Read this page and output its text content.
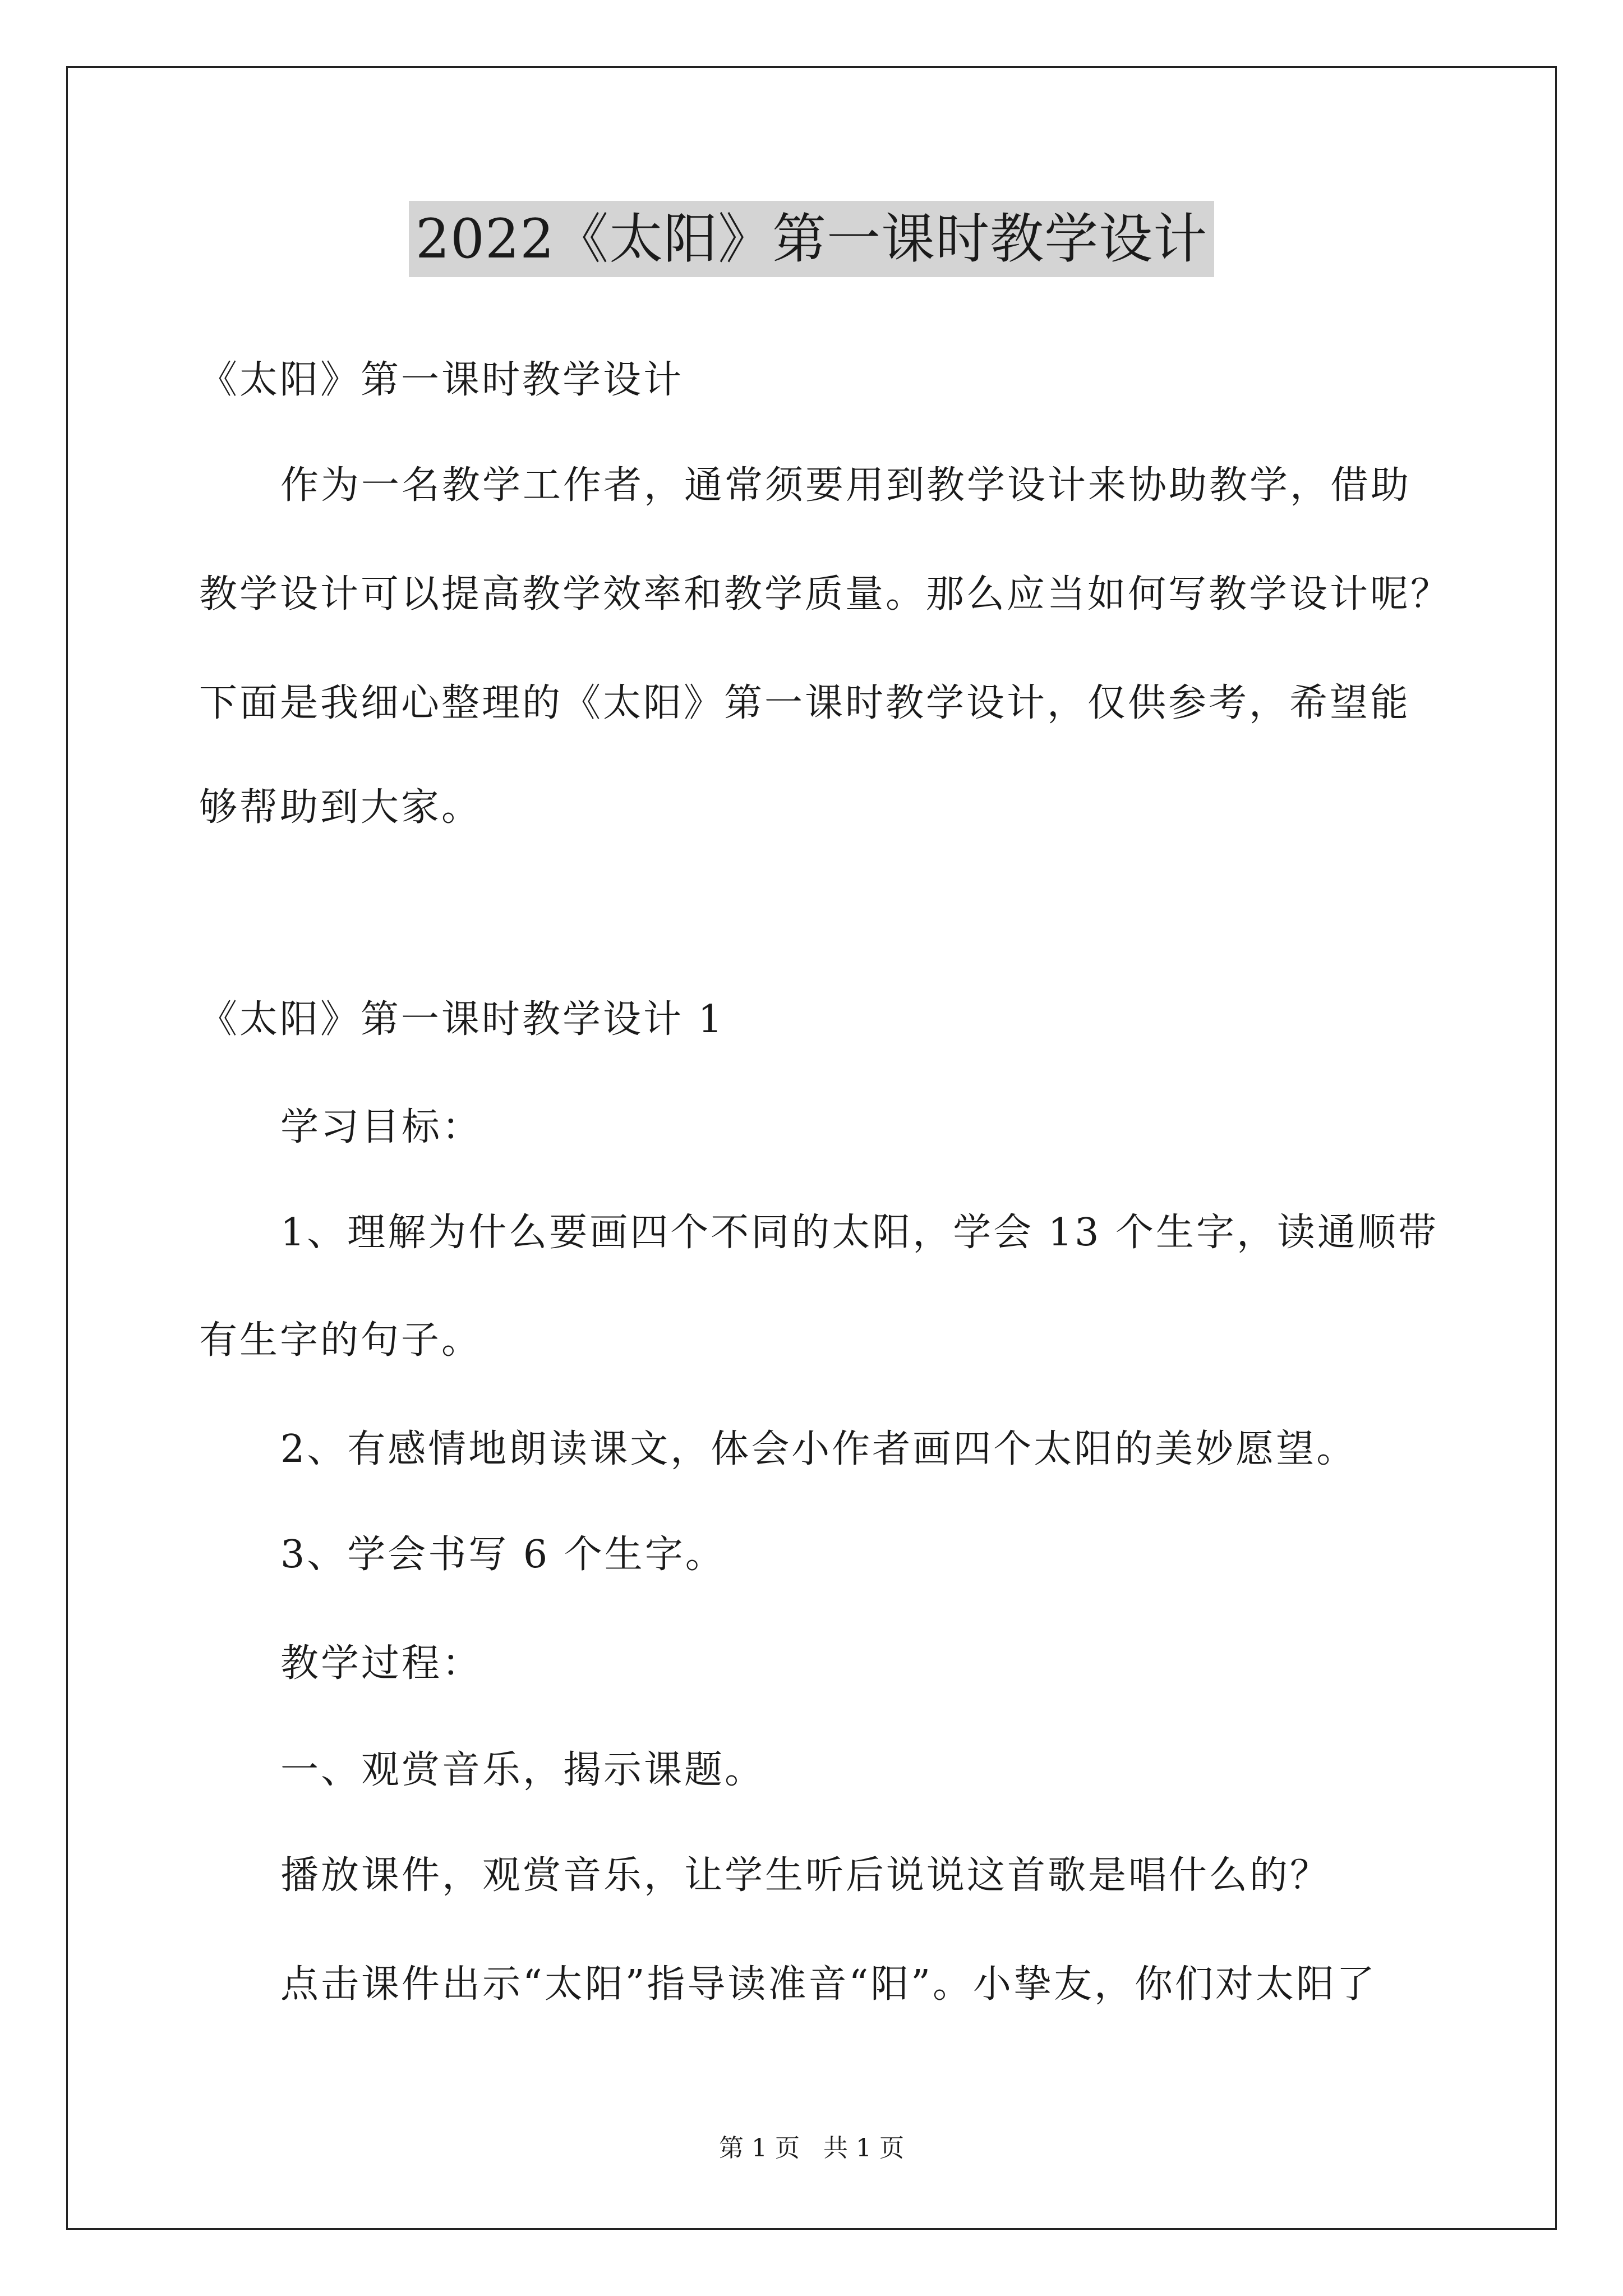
2022《太阳》第一课时教学设计
《太阳》第一课时教学设计
作为一名教学工作者，通常须要用到教学设计来协助教学，借助
教学设计可以提高教学效率和教学质量。那么应当如何写教学设计呢？
下面是我细心整理的《太阳》第一课时教学设计，仅供参考，希望能
够帮助到大家。
《太阳》第一课时教学设计 1
学习目标：
1、理解为什么要画四个不同的太阳，学会 13 个生字，读通顺带
有生字的句子。
2、有感情地朗读课文，体会小作者画四个太阳的美妙愿望。
3、学会书写 6 个生字。
教学过程：
一、观赏音乐，揭示课题。
播放课件，观赏音乐，让学生听后说说这首歌是唱什么的？
点击课件出示“太阳”指导读准音“阳”。小挚友，你们对太阳了
第 1 页 共 1 页
